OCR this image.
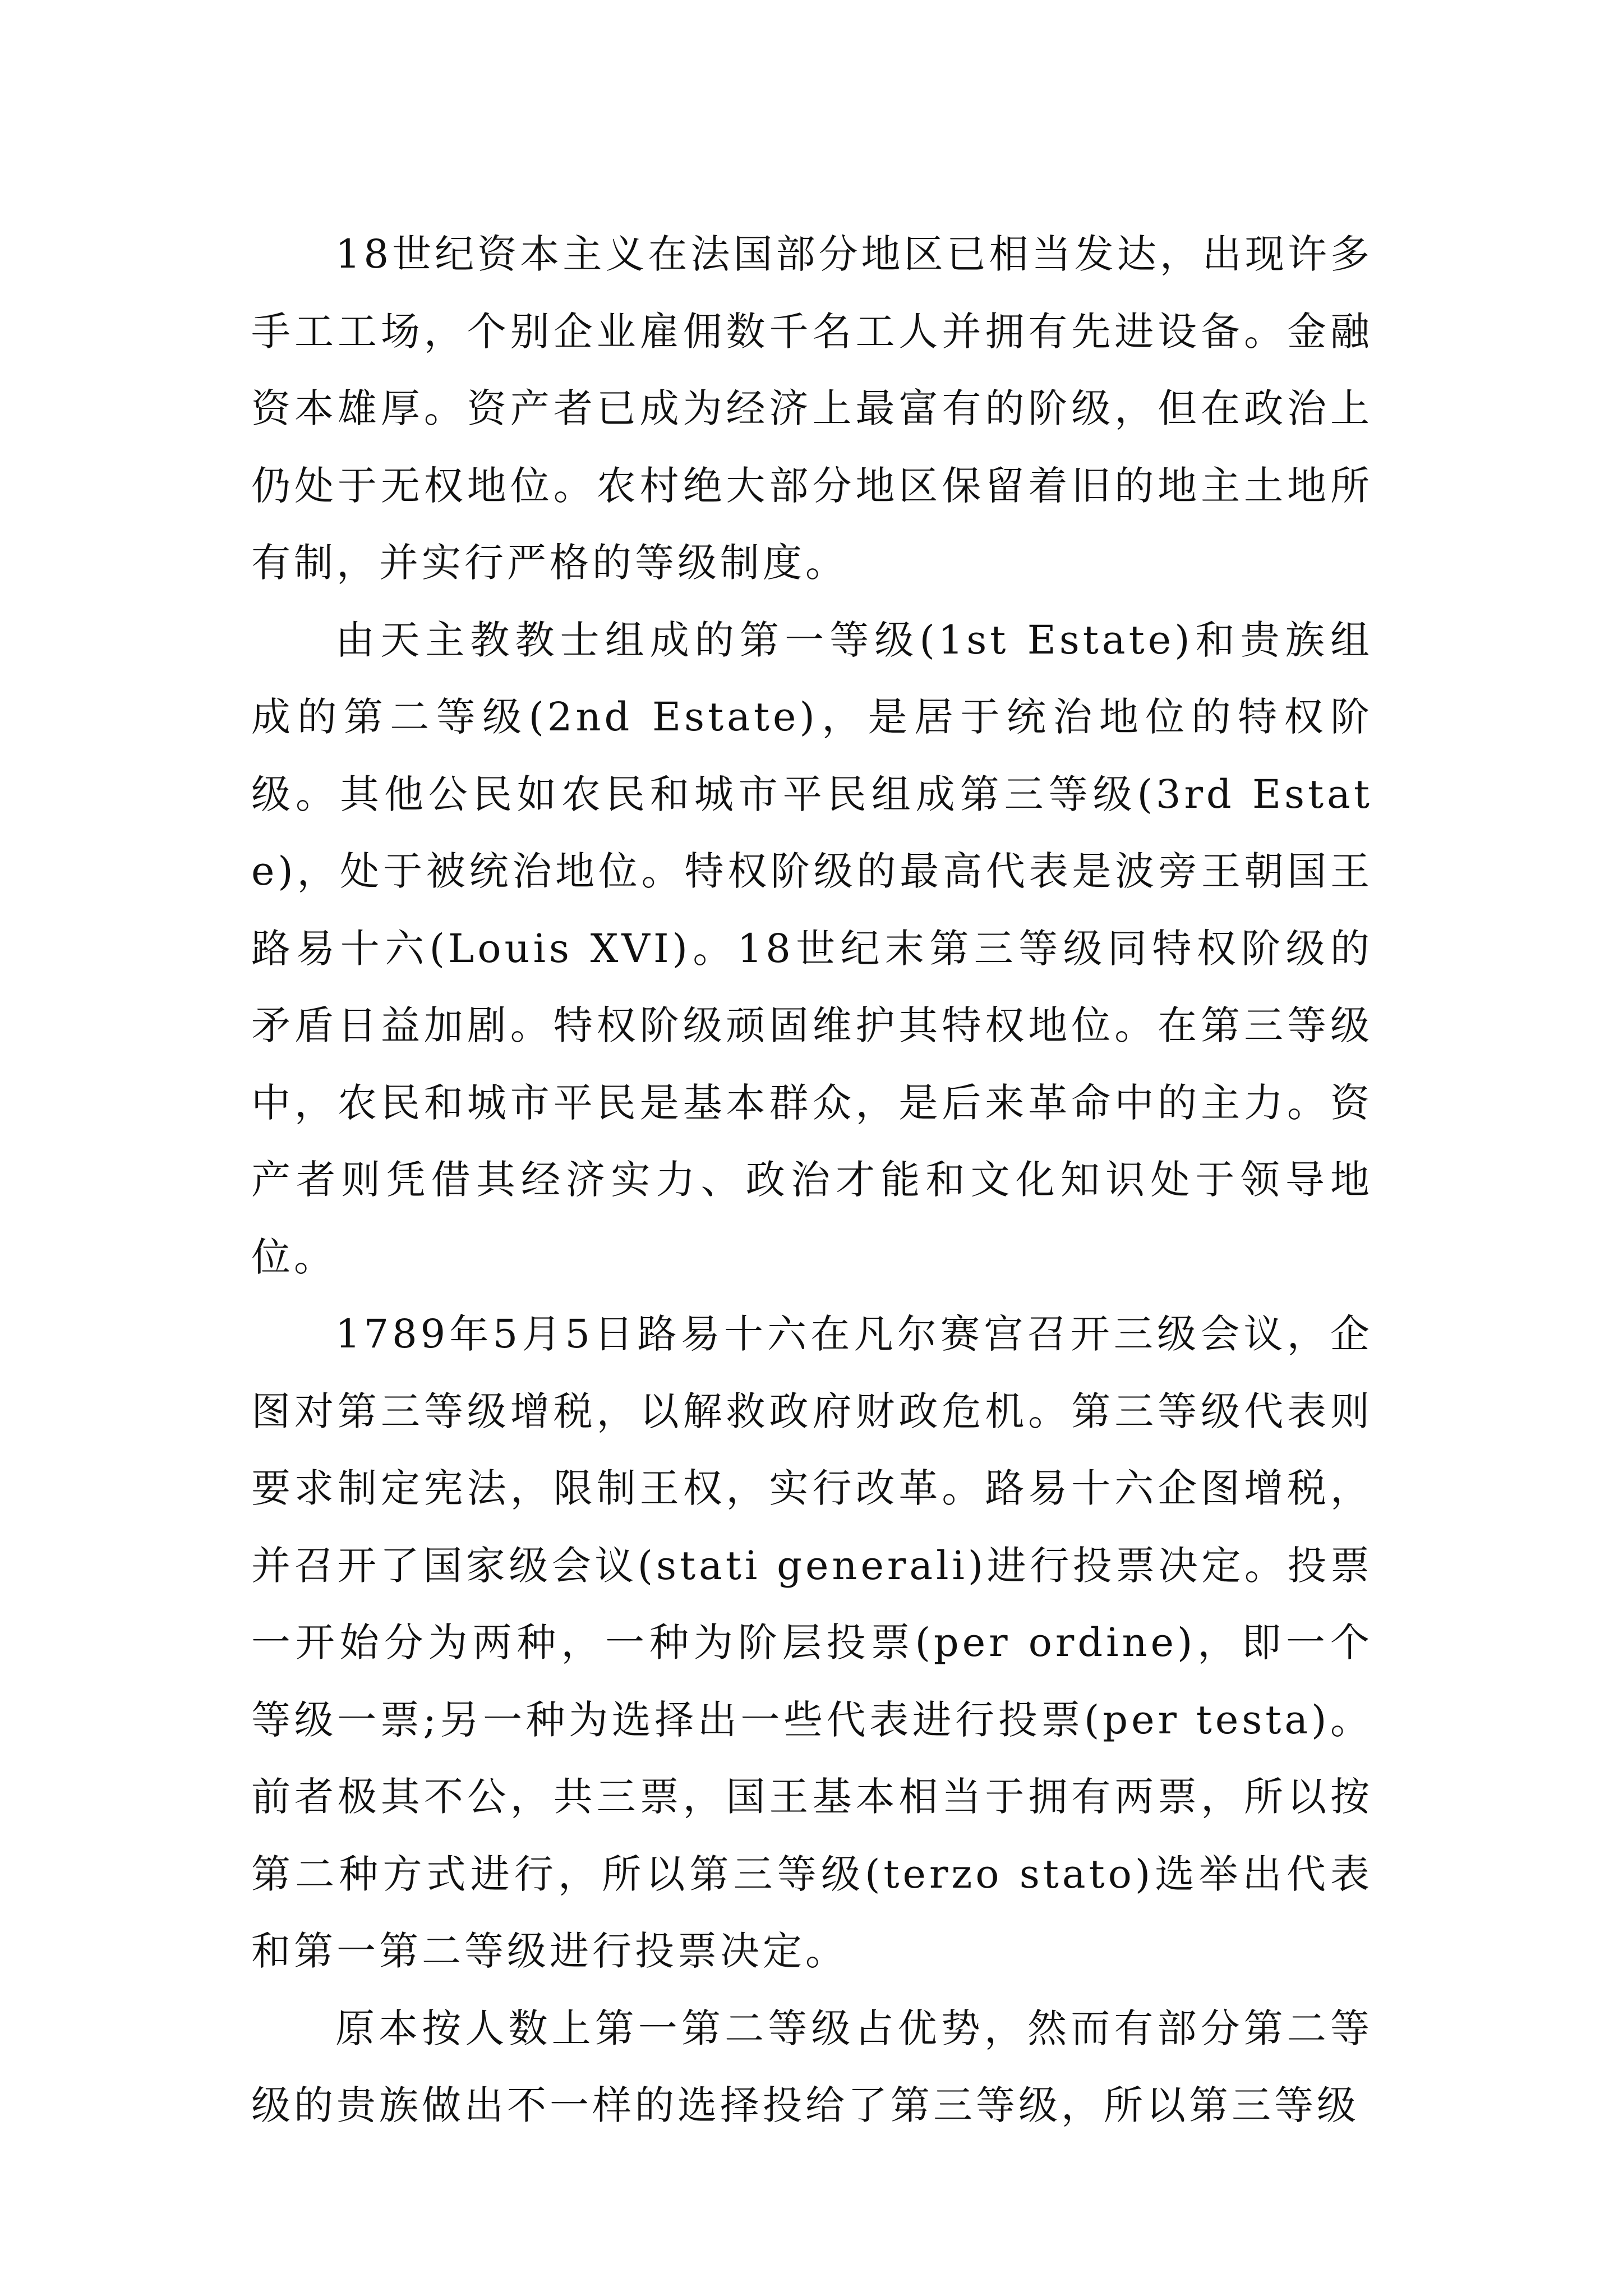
18世纪资本主义在法国部分地区已相当发达，出现许多手工工场，个别企业雇佣数千名工人并拥有先进设备。金融资本雄厚。资产者已成为经济上最富有的阶级，但在政治上仍处于无权地位。农村绝大部分地区保留着旧的地主土地所有制，并实行严格的等级制度。

由天主教教士组成的第一等级(1st Estate)和贵族组成的第二等级(2nd Estate)，是居于统治地位的特权阶级。其他公民如农民和城市平民组成第三等级(3rd Estate)，处于被统治地位。特权阶级的最高代表是波旁王朝国王路易十六(Louis XVI)。18世纪末第三等级同特权阶级的矛盾日益加剧。特权阶级顽固维护其特权地位。在第三等级中，农民和城市平民是基本群众，是后来革命中的主力。资产者则凭借其经济实力、政治才能和文化知识处于领导地位。

1789年5月5日路易十六在凡尔赛宫召开三级会议，企图对第三等级增税，以解救政府财政危机。第三等级代表则要求制定宪法，限制王权，实行改革。路易十六企图增税，并召开了国家级会议(stati generali)进行投票决定。投票一开始分为两种，一种为阶层投票(per ordine)，即一个等级一票;另一种为选择出一些代表进行投票(per testa)。前者极其不公，共三票，国王基本相当于拥有两票，所以按第二种方式进行，所以第三等级(terzo stato)选举出代表和第一第二等级进行投票决定。

原本按人数上第一第二等级占优势，然而有部分第二等级的贵族做出不一样的选择投给了第三等级，所以第三等级
